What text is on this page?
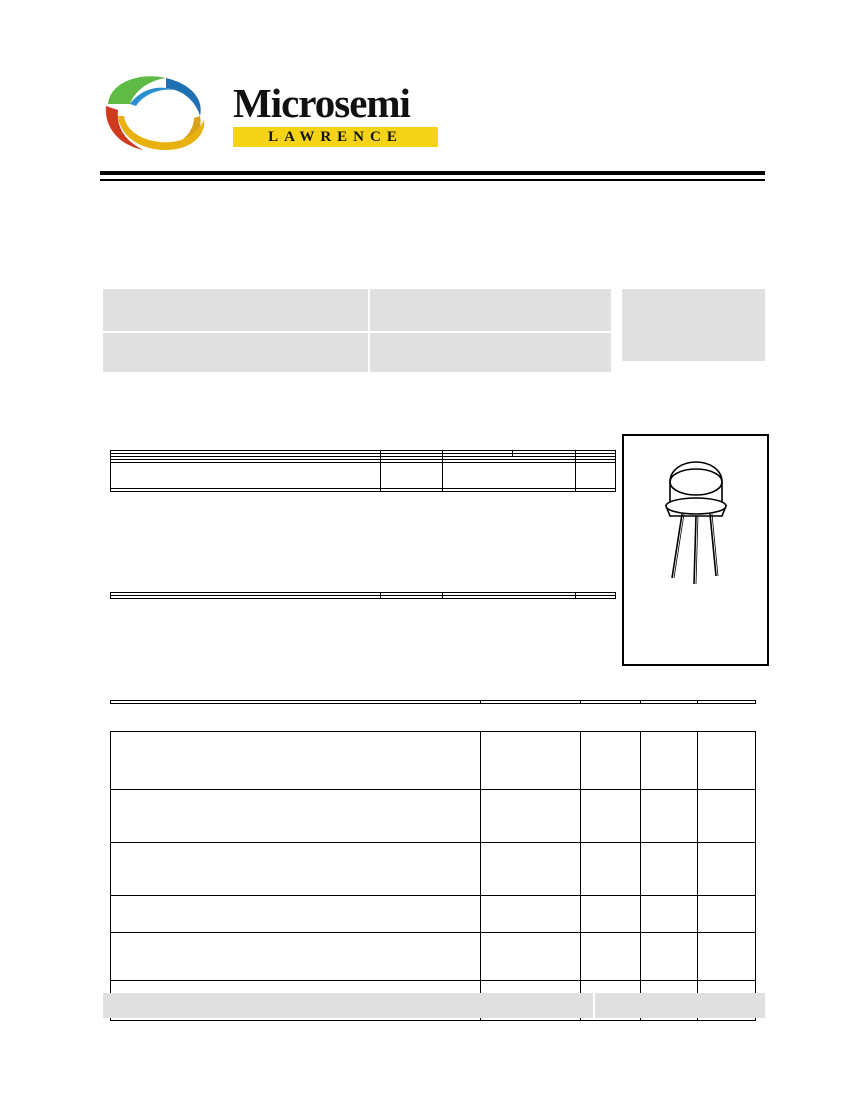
Microsemi
LAWRENCE
